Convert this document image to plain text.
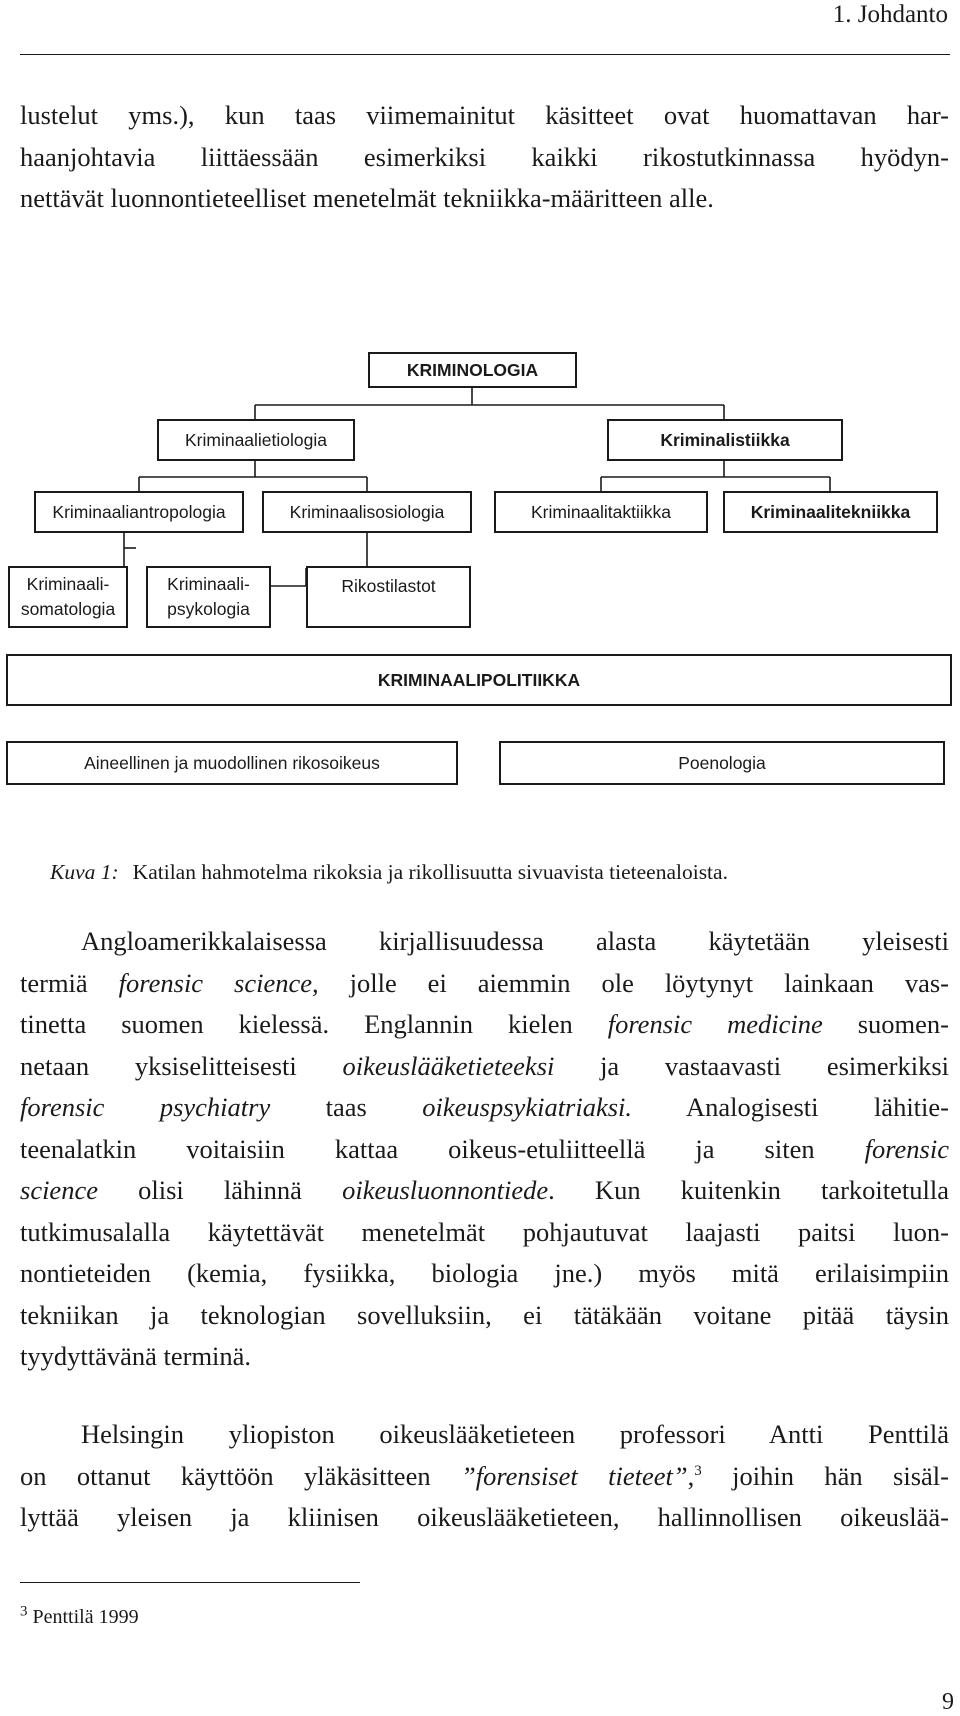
1. Johdanto
lustelut yms.), kun taas viimemainitut käsitteet ovat huomattavan har-
haanjohtavia liittäessään esimerkiksi kaikki rikostutkinnassa hyödyn-
nettävät luonnontieteelliset menetelmät tekniikka-määritteen alle.
KRIMINOLOGIA
Kriminaalietiologia	Kriminalistiikka
Kriminaaliantropologia	Kriminaalisosiologia	Kriminaalitaktiikka	Kriminaalitekniikka
Kriminaali-
somatologia
Kriminaali-
psykologia
Rikostilastot
KRIMINAALIPOLITIIKKA
Aineellinen ja muodollinen rikosoikeus	Poenologia
Kuva 1: Katilan hahmotelma rikoksia ja rikollisuutta sivuavista tieteenaloista.
Angloamerikkalaisessa kirjallisuudessa alasta käytetään yleisesti
termiä forensic science, jolle ei aiemmin ole löytynyt lainkaan vas-
tinetta suomen kielessä. Englannin kielen forensic medicine suomen-
netaan yksiselitteisesti oikeuslääketieteeksi ja vastaavasti esimerkiksi
forensic psychiatry taas oikeuspsykiatriaksi. Analogisesti lähitie-
teenalatkin voitaisiin kattaa oikeus-etuliitteellä ja siten forensic
science olisi lähinnä oikeusluonnontiede. Kun kuitenkin tarkoitetulla
tutkimusalalla käytettävät menetelmät pohjautuvat laajasti paitsi luon-
nontieteiden (kemia, fysiikka, biologia jne.) myös mitä erilaisimpiin
tekniikan ja teknologian sovelluksiin, ei tätäkään voitane pitää täysin
tyydyttävänä terminä.
Helsingin yliopiston oikeuslääketieteen professori Antti Penttilä
on ottanut käyttöön yläkäsitteen ”forensiset tieteet”,$^3$ joihin hän sisäl-
lyttää yleisen ja kliinisen oikeuslääketieteen, hallinnollisen oikeuslää-
$^3$ Penttilä 1999
9
